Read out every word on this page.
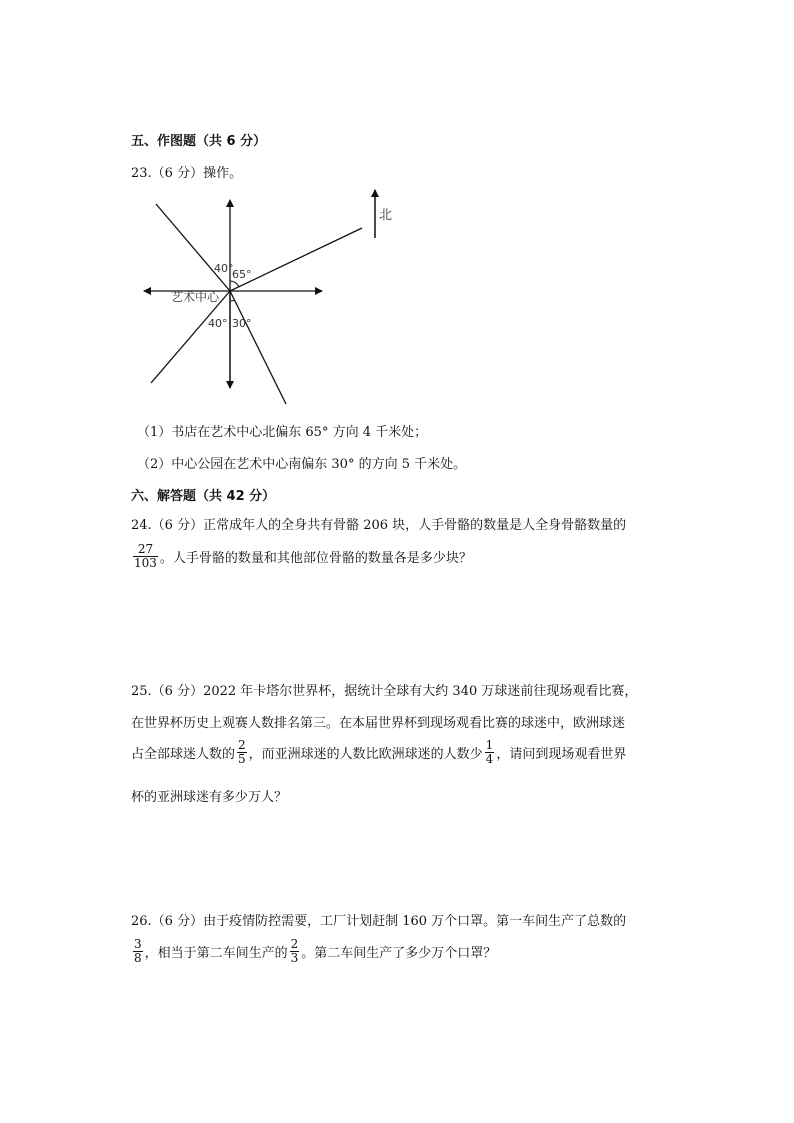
五、作图题（共 6 分）
23.（6 分）操作。
北
40°
65°
40° 30°
艺术中心
（1）书店在艺术中心北偏东 65° 方向 4 千米处；
（2）中心公园在艺术中心南偏东 30° 的方向 5 千米处。
六、解答题（共 42 分）
24.（6 分）正常成年人的全身共有骨骼 206 块，人手骨骼的数量是人全身骨骼数量的
$\frac{27}{103}$ 。人手骨骼的数量和其他部位骨骼的数量各是多少块？
25.（6 分）2022 年卡塔尔世界杯，据统计全球有大约 340 万球迷前往现场观看比赛，
在世界杯历史上观赛人数排名第三。在本届世界杯到现场观看比赛的球迷中，欧洲球迷
占全部球迷人数的 $\frac{2}{5}$ ，而亚洲球迷的人数比欧洲球迷的人数少 $\frac{1}{4}$ ，请问到现场观看世界
杯的亚洲球迷有多少万人？
26.（6 分）由于疫情防控需要，工厂计划赶制 160 万个口罩。第一车间生产了总数的
$\frac{3}{8}$ ，相当于第二车间生产的 $\frac{2}{3}$ 。第二车间生产了多少万个口罩？
